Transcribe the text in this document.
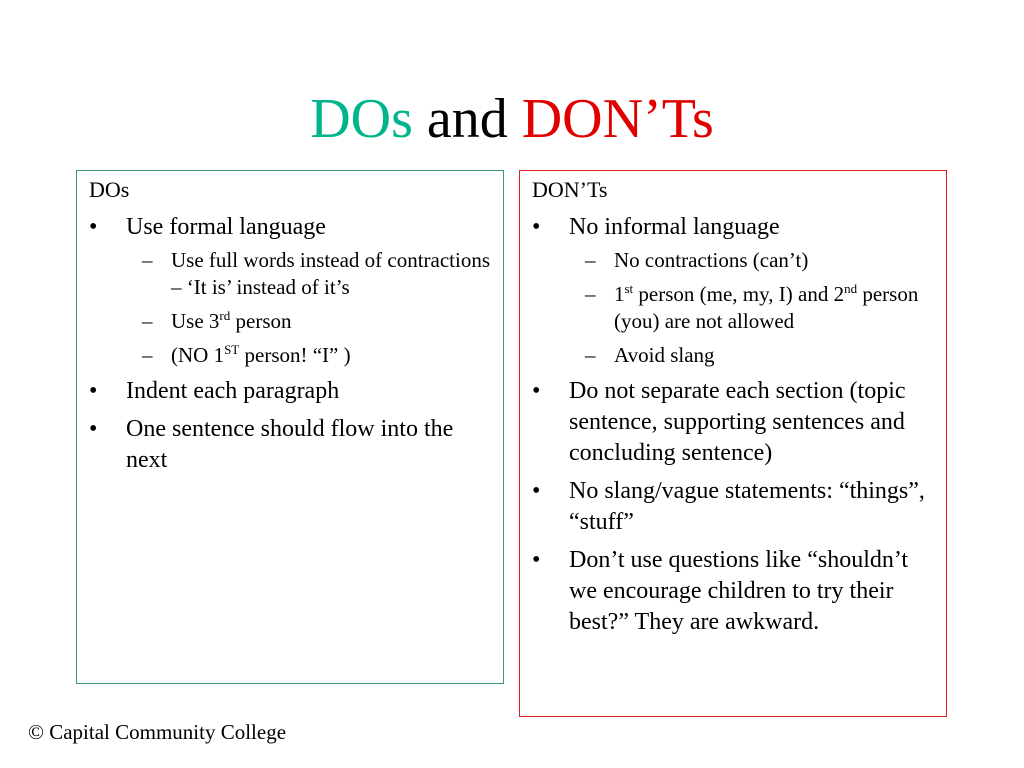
DOs and DON’Ts
DOs
• Use formal language
– Use full words instead of contractions – ‘It is’ instead of it’s
– Use 3rd person
– (NO 1ST person! “I” )
• Indent each paragraph
• One sentence should flow into the next
DON’Ts
• No informal language
– No contractions (can’t)
– 1st person (me, my, I) and 2nd person (you) are not allowed
– Avoid slang
• Do not separate each section (topic sentence, supporting sentences and concluding sentence)
• No slang/vague statements: “things”, “stuff”
• Don’t use questions like “shouldn’t we encourage children to try their best?” They are awkward.
© Capital Community College
